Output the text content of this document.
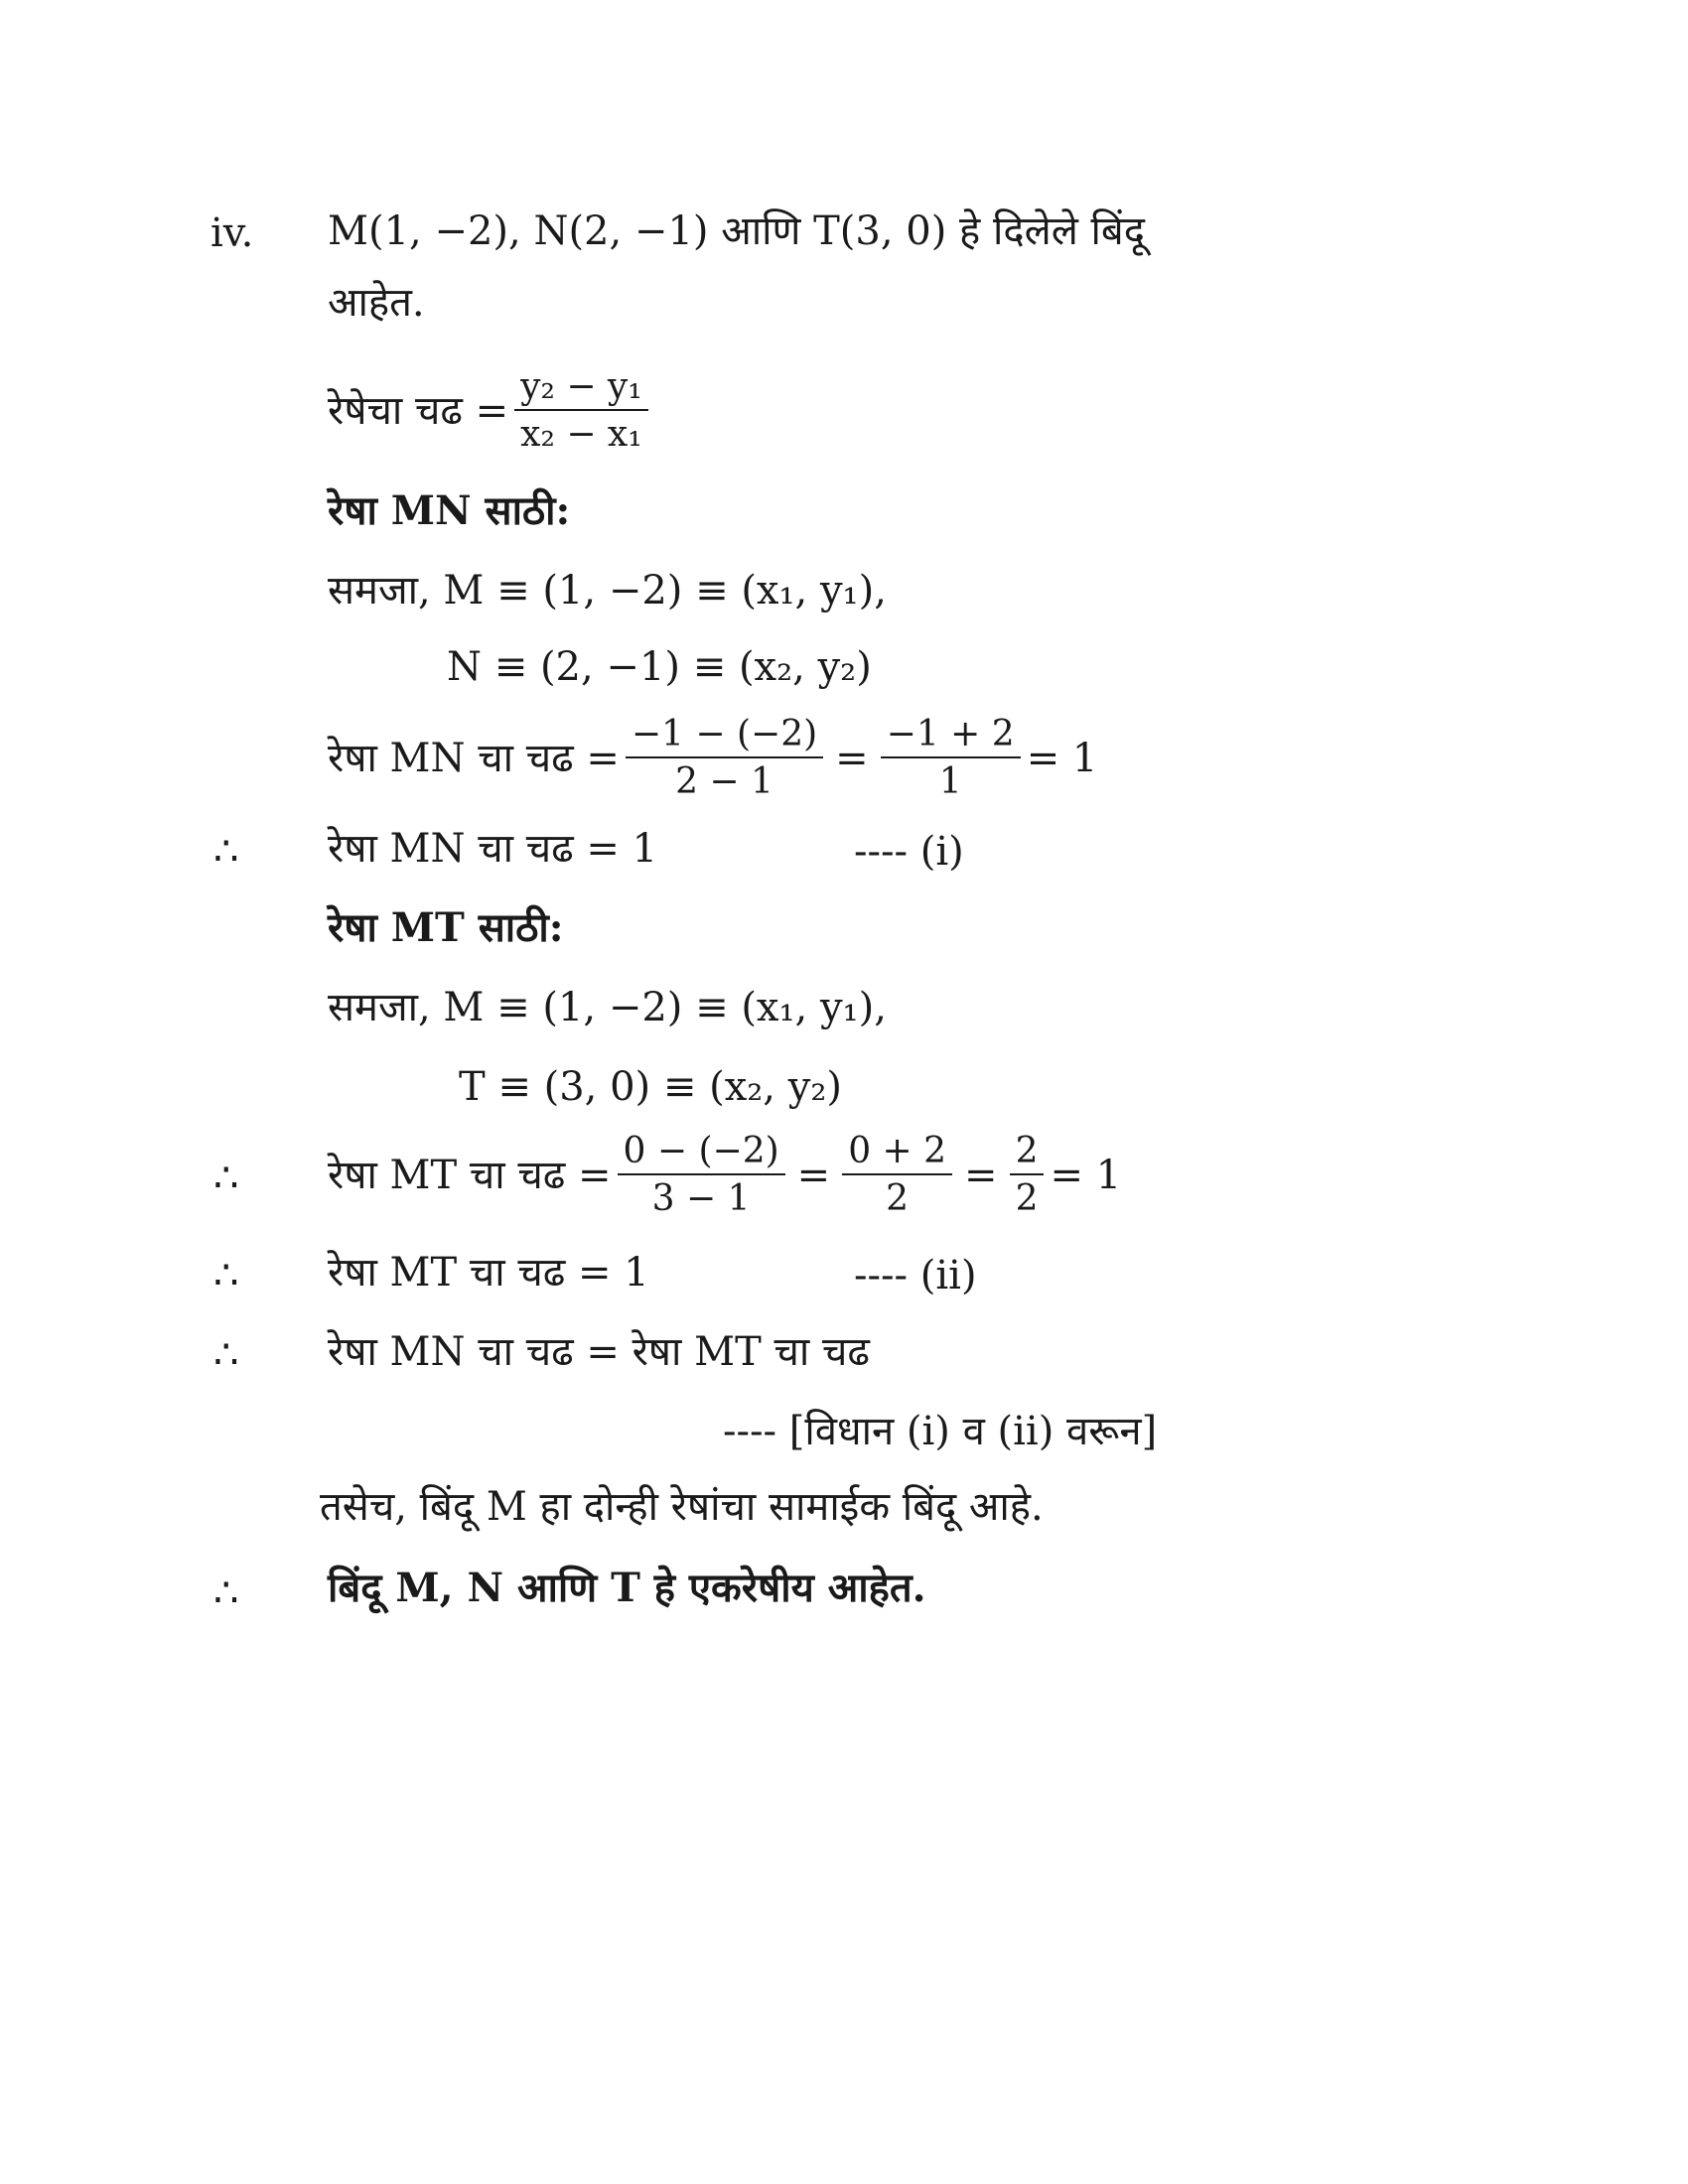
iv. M(1, −2), N(2, −1) आणि T(3, 0) हे दिलेले बिंदू
आहेत.
रेषेचा चढ = $\frac{\text{y₂ − y₁}}{\text{x₂ − x₁}}$
रेषा MN साठी:
समजा, M ≡ (1, −2) ≡ (x₁, y₁),
N ≡ (2, −1) ≡ (x₂, y₂)
रेषा MN चा चढ = $\frac{-1 - (-2)}{2 - 1} = \frac{-1 + 2}{1} = 1$
∴ रेषा MN चा चढ = 1	---- (i)
रेषा MT साठी:
समजा, M ≡ (1, −2) ≡ (x₁, y₁),
T ≡ (3, 0) ≡ (x₂, y₂)
∴ रेषा MT चा चढ = $\frac{0 - (-2)}{3 - 1} = \frac{0 + 2}{2} = \frac{2}{2} = 1$
∴ रेषा MT चा चढ = 1	---- (ii)
∴ रेषा MN चा चढ = रेषा MT चा चढ
---- [विधान (i) व (ii) वरून]
तसेच, बिंदू M हा दोन्ही रेषांचा सामाईक बिंदू आहे.
∴ बिंदू M, N आणि T हे एकरेषीय आहेत.
